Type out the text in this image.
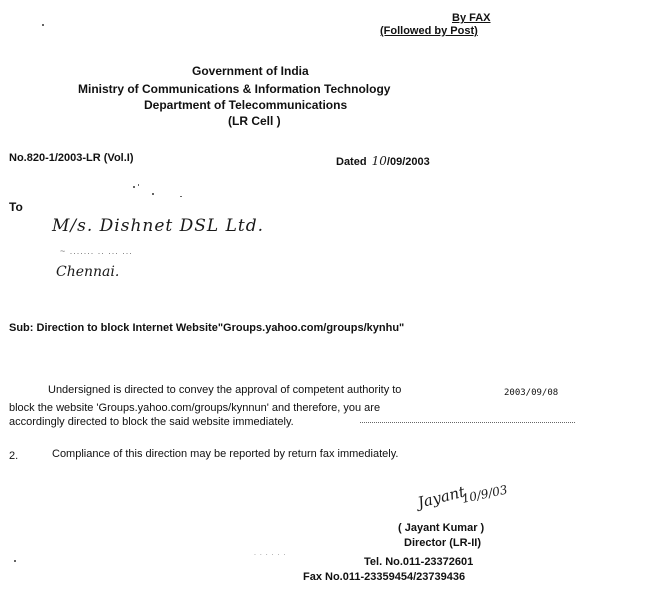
By FAX
(Followed by Post)
Government of India
Ministry of Communications & Information Technology
Department of Telecommunications
(LR Cell )
No.820-1/2003-LR (Vol.I)	Dated 10/09/2003
To
M/s. Dishnet DSL Ltd.
~ ....... .. ... ...
Chennai.
Sub: Direction to block Internet Website"Groups.yahoo.com/groups/kynhu"
Undersigned is directed to convey the approval of competent authority to	2003/09/08
block the website 'Groups.yahoo.com/groups/kynnun' and therefore, you are
accordingly directed to block the said website immediately.
2.	Compliance of this direction may be reported by return fax immediately.
Jayant
10/9/03
( Jayant Kumar )
Director (LR-II)
. . . . . .
Tel. No.011-23372601
Fax No.011-23359454/23739436
